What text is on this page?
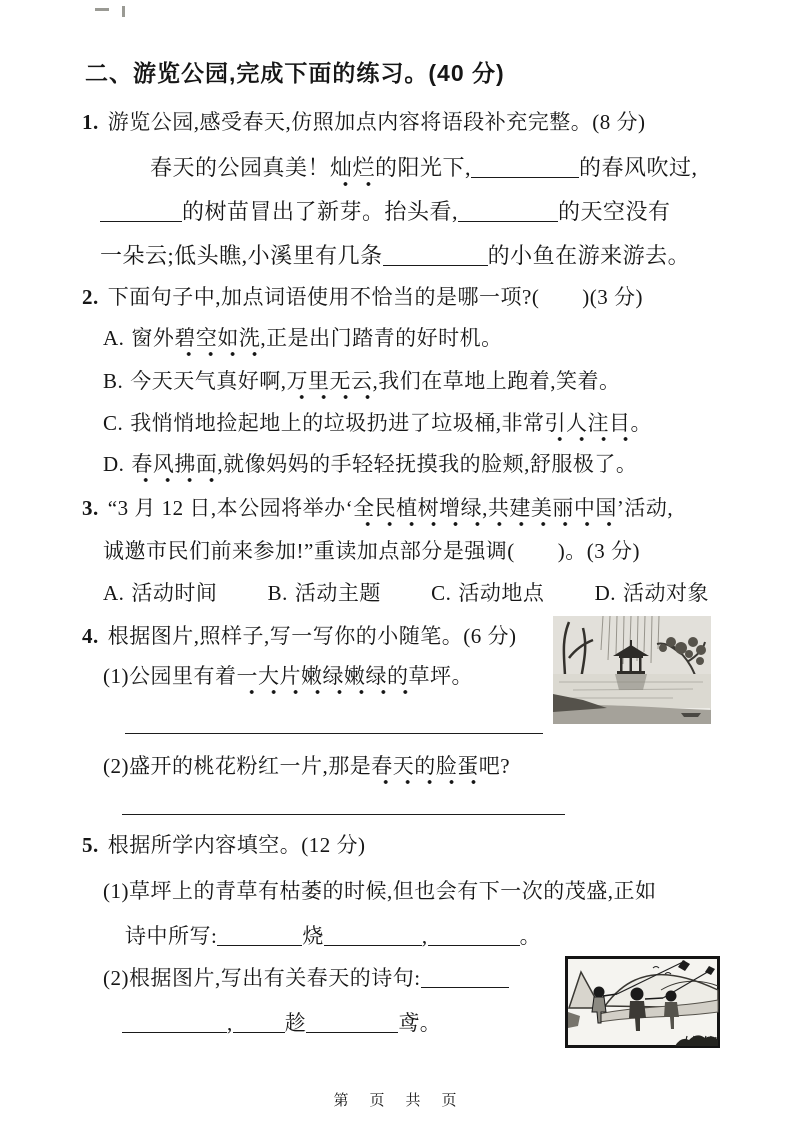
二、游览公园,完成下面的练习。(40 分)
1. 游览公园,感受春天,仿照加点内容将语段补充完整。(8 分)
春天的公园真美！灿烂的阳光下,	的春风吹过,
的树苗冒出了新芽。抬头看,	的天空没有
一朵云;低头瞧,小溪里有几条	的小鱼在游来游去。
2. 下面句子中,加点词语使用不恰当的是哪一项?(　　)(3 分)
A. 窗外碧空如洗,正是出门踏青的好时机。
B. 今天天气真好啊,万里无云,我们在草地上跑着,笑着。
C. 我悄悄地捡起地上的垃圾扔进了垃圾桶,非常引人注目。
D. 春风拂面,就像妈妈的手轻轻抚摸我的脸颊,舒服极了。
3. “3 月 12 日,本公园将举办‘全民植树增绿,共建美丽中国’活动,
诚邀市民们前来参加!”重读加点部分是强调(　　)。(3 分)
A. 活动时间 B. 活动主题 C. 活动地点 D. 活动对象
4. 根据图片,照样子,写一写你的小随笔。(6 分)
(1)公园里有着一大片嫩绿嫩绿的草坪。
(2)盛开的桃花粉红一片,那是春天的脸蛋吧?
5. 根据所学内容填空。(12 分)
(1)草坪上的青草有枯萎的时候,但也会有下一次的茂盛,正如
诗中所写:	烧	,	。
(2)根据图片,写出有关春天的诗句:
, 趁	鸢。
第　页　共　页
